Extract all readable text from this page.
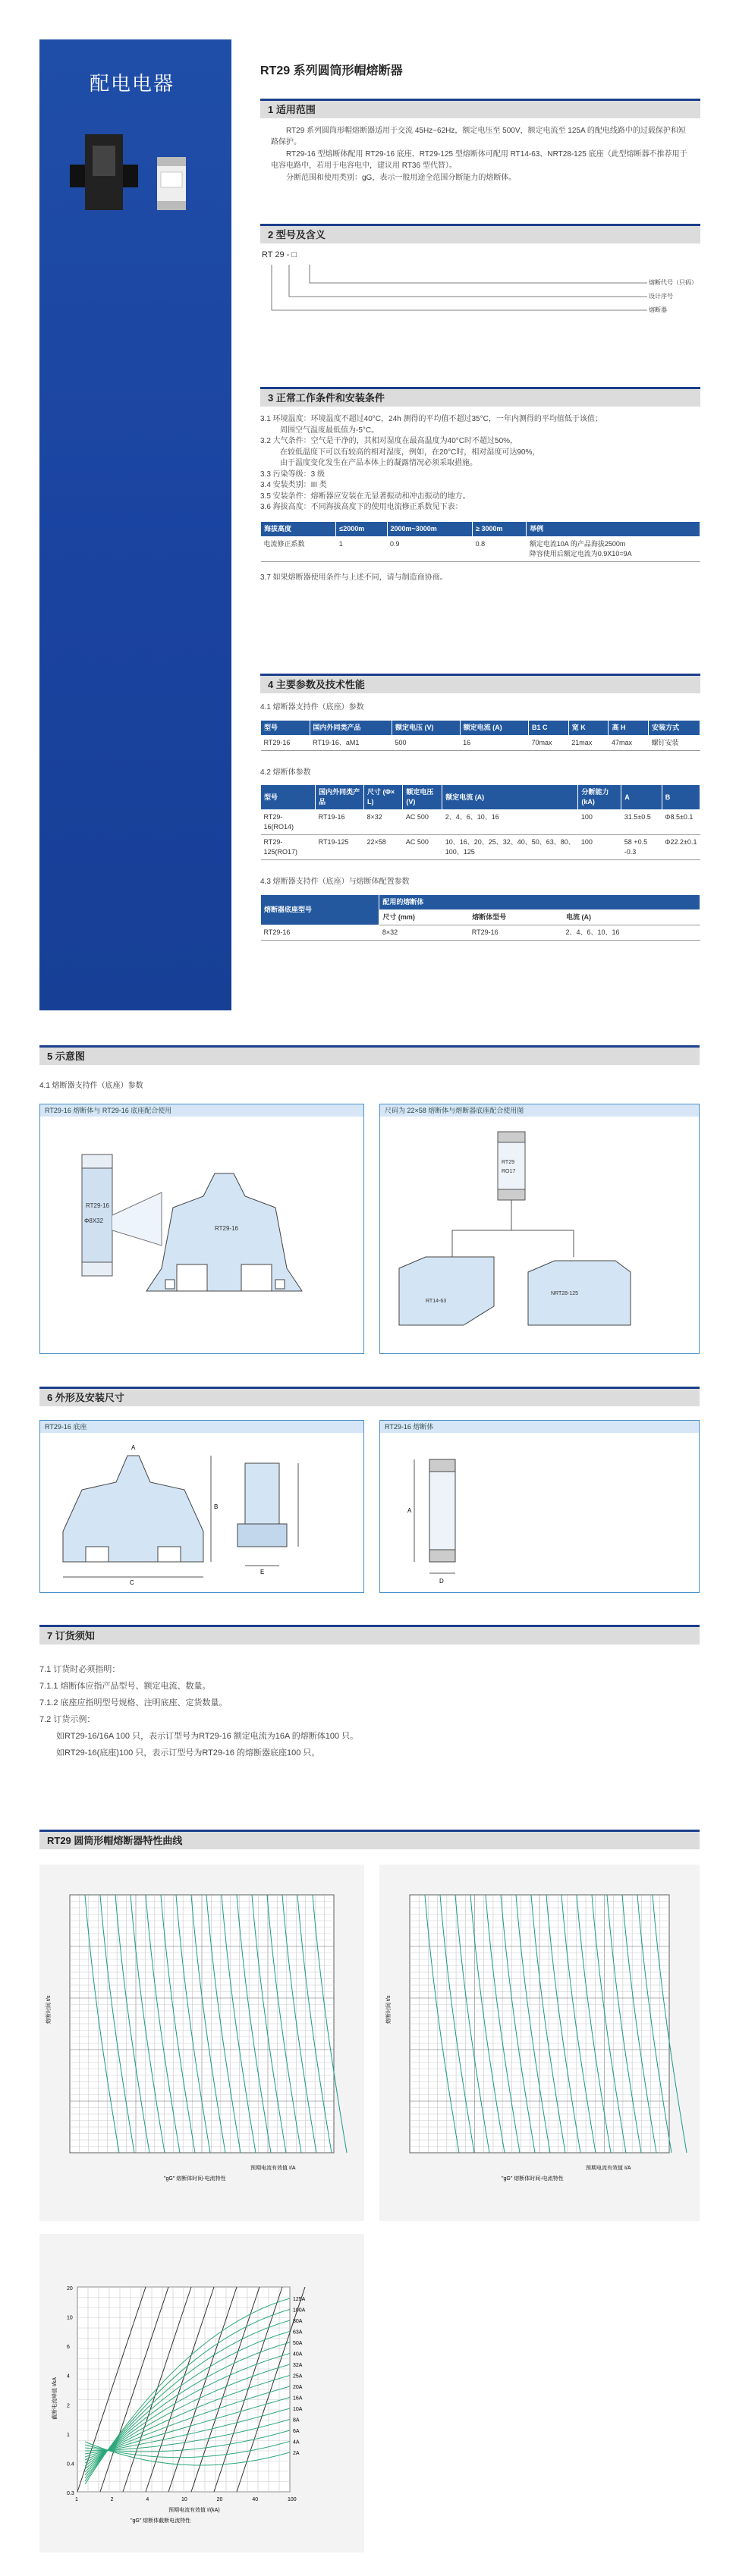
配电电器
RT29 系列圆筒形帽熔断器
1 适用范围

RT29 系列圆筒形帽熔断器适用于交流 45Hz~62Hz，额定电压至 500V，额定电流至 125A 的配电线路中的过载保护和短路保护。

RT29-16 型熔断体配用 RT29-16 底座、RT29-125 型熔断体可配用 RT14-63、NRT28-125 底座（此型熔断器不推荐用于电容电路中，若用于电容电中，建议用 RT36 型代替）。

分断范围和使用类别：gG，表示一般用途全范围分断能力的熔断体。

2 型号及含义
RT 29 - □
熔断代号（只码）
设计序号
熔断器
3 正常工作条件和安装条件

3.1 环境温度：环境温度不超过40°C，24h 测得的平均值不超过35°C，一年内测得的平均值低于该值；

周围空气温度最低值为-5°C。

3.2 大气条件：空气是干净的，其相对湿度在最高温度为40°C时不超过50%，

在较低温度下可以有较高的相对湿度，例如，在20°C时，相对湿度可达90%，

由于温度变化发生在产品本体上的凝露情况必须采取措施。

3.3 污染等级：3 级

3.4 安装类别：III 类

3.5 安装条件：熔断器应安装在无显著振动和冲击振动的地方。

3.6 海拔高度：不同海拔高度下的使用电流修正系数见下表：

海拔高度	≤2000m	2000m~3000m	≥ 3000m	举例
电流修正系数	1	0.9	0.8	额定电流10A 的产品海拔2500m
降容使用后额定电流为0.9X10=9A

3.7 如果熔断器使用条件与上述不同，请与制造商协商。

4 主要参数及技术性能

4.1 熔断器支持件（底座）参数

型号	国内外同类产品	额定电压 (V)	额定电流 (A)	B1 C	宽 K	高 H	安装方式
RT29-16	RT19-16、aM1	500	16	70max	21max	47max	螺钉安装

4.2 熔断体参数

型号	国内外同类产品	尺寸 (Φ× L)	额定电压 (V)	额定电流 (A)	分断能力 (kA)	A	B
RT29-16(RO14)	RT19-16	8×32	AC 500	2、4、6、10、16	100	31.5±0.5	Φ8.5±0.1
RT29-125(RO17)	RT19-125	22×58	AC 500	10、16、20、25、32、40、50、63、80、100、125	100	58 +0.5 -0.3	Φ22.2±0.1

4.3 熔断器支持件（底座）与熔断体配置参数

熔断器底座型号	配用的熔断体		
	尺寸 (mm)	熔断体型号	电流 (A)
RT29-16	8×32	RT29-16	2、4、6、10、16
5 示意图
4.1 熔断器支持件（底座）参数
RT29-16 熔断体与 RT29-16 底座配合使用
RT29-16
Φ8X32
RT29-16
尺码为 22×58 熔断体与熔断器底座配合使用图
RT29
RO17
RT14-63
NRT28-125
6 外形及安装尺寸
RT29-16 底座
B
A
C
E
RT29-16 熔断体
A
D
7 订货须知

7.1 订货时必须指明：

7.1.1 熔断体应指产品型号、额定电流、数量。

7.1.2 底座应指明型号规格、注明底座、定货数量。

7.2 订货示例：

如RT29-16/16A 100 只，表示订型号为RT29-16 额定电流为16A 的熔断体100 只。

如RT29-16(底座)100 只，表示订型号为RT29-16 的熔断器底座100 只。

RT29 圆筒形帽熔断器特性曲线
熔断时间 t/s
预期电流有效值 I/A
"gG" 熔断体时间-电流特性
熔断时间 t/s
预期电流有效值 I/A
"gG" 熔断体时间-电流特性
125A
100A
80A
63A
50A
40A
32A
25A
20A
16A
10A
8A
6A
4A
2A
20
10
6
4
2
1
0.4
0.3
1	2	4	10	20	40	100
截断电流峰值 I/kA
预期电流有效值 I/(kA)
"gG" 熔断体截断电流特性
